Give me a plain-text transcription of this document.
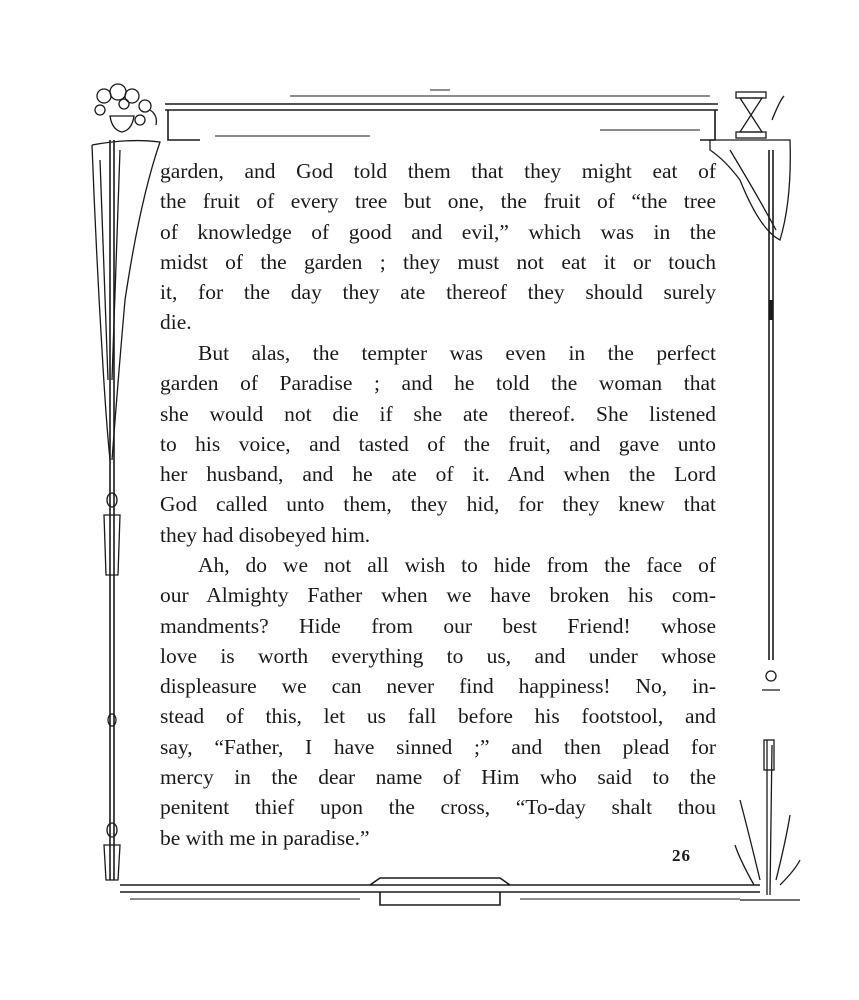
garden, and God told them that they might eat of
the fruit of every tree but one, the fruit of “the tree
of knowledge of good and evil,” which was in the
midst of the garden ; they must not eat it or touch
it, for the day they ate thereof they should surely
die.

But alas, the tempter was even in the perfect
garden of Paradise ; and he told the woman that
she would not die if she ate thereof. She listened
to his voice, and tasted of the fruit, and gave unto
her husband, and he ate of it. And when the Lord
God called unto them, they hid, for they knew that
they had disobeyed him.

Ah, do we not all wish to hide from the face of
our Almighty Father when we have broken his com-
mandments? Hide from our best Friend! whose
love is worth everything to us, and under whose
displeasure we can never find happiness! No, in-
stead of this, let us fall before his footstool, and
say, “Father, I have sinned ;” and then plead for
mercy in the dear name of Him who said to the
penitent thief upon the cross, “To-day shalt thou
be with me in paradise.”

26
